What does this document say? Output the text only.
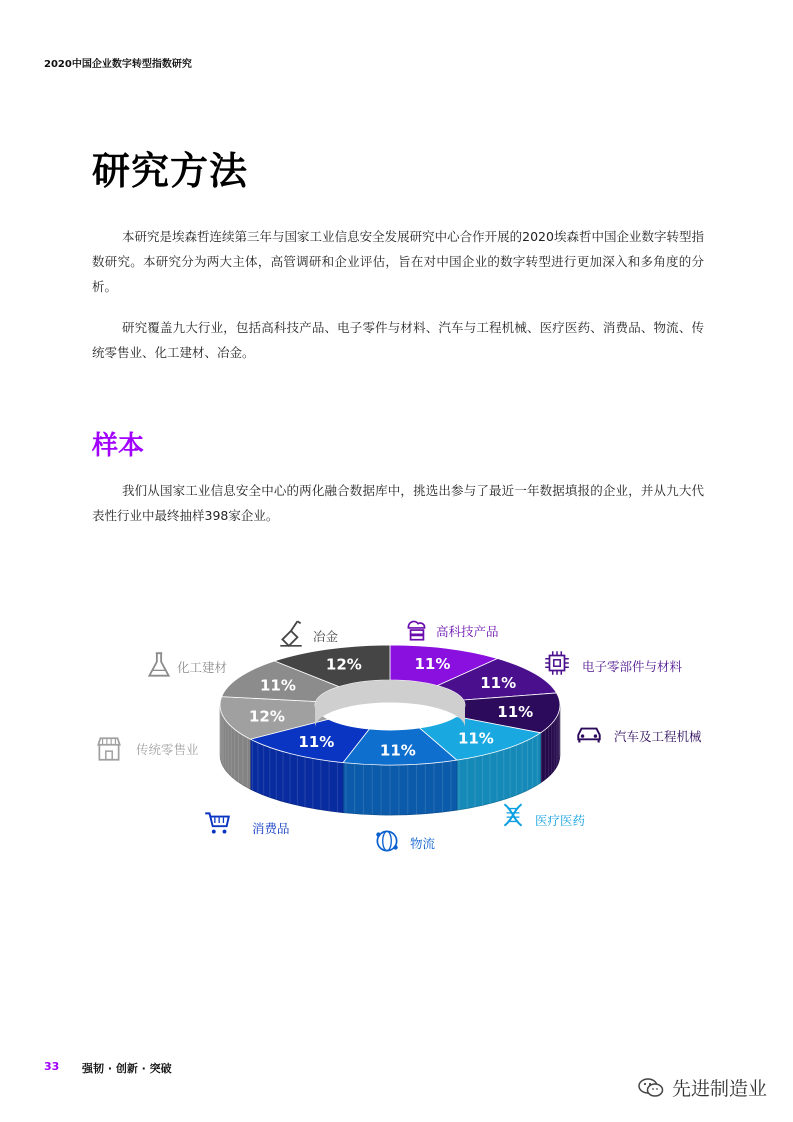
2020中国企业数字转型指数研究
研究方法

本研究是埃森哲连续第三年与国家工业信息安全发展研究中心合作开展的2020埃森哲中国企业数字转型指数研究。本研究分为两大主体，高管调研和企业评估，旨在对中国企业的数字转型进行更加深入和多角度的分析。

研究覆盖九大行业，包括高科技产品、电子零件与材料、汽车与工程机械、医疗医药、消费品、物流、传统零售业、化工建材、冶金。

样本

我们从国家工业信息安全中心的两化融合数据库中，挑选出参与了最近一年数据填报的企业，并从九大代表性行业中最终抽样398家企业。

11%
11%
11%
11%
11%
11%
12%
11%
12%
高科技产品
电子零部件与材料
汽车及工程机械
医疗医药
物流
消费品
传统零售业
化工建材
冶金
33 强韧 · 创新 · 突破
先进制造业
